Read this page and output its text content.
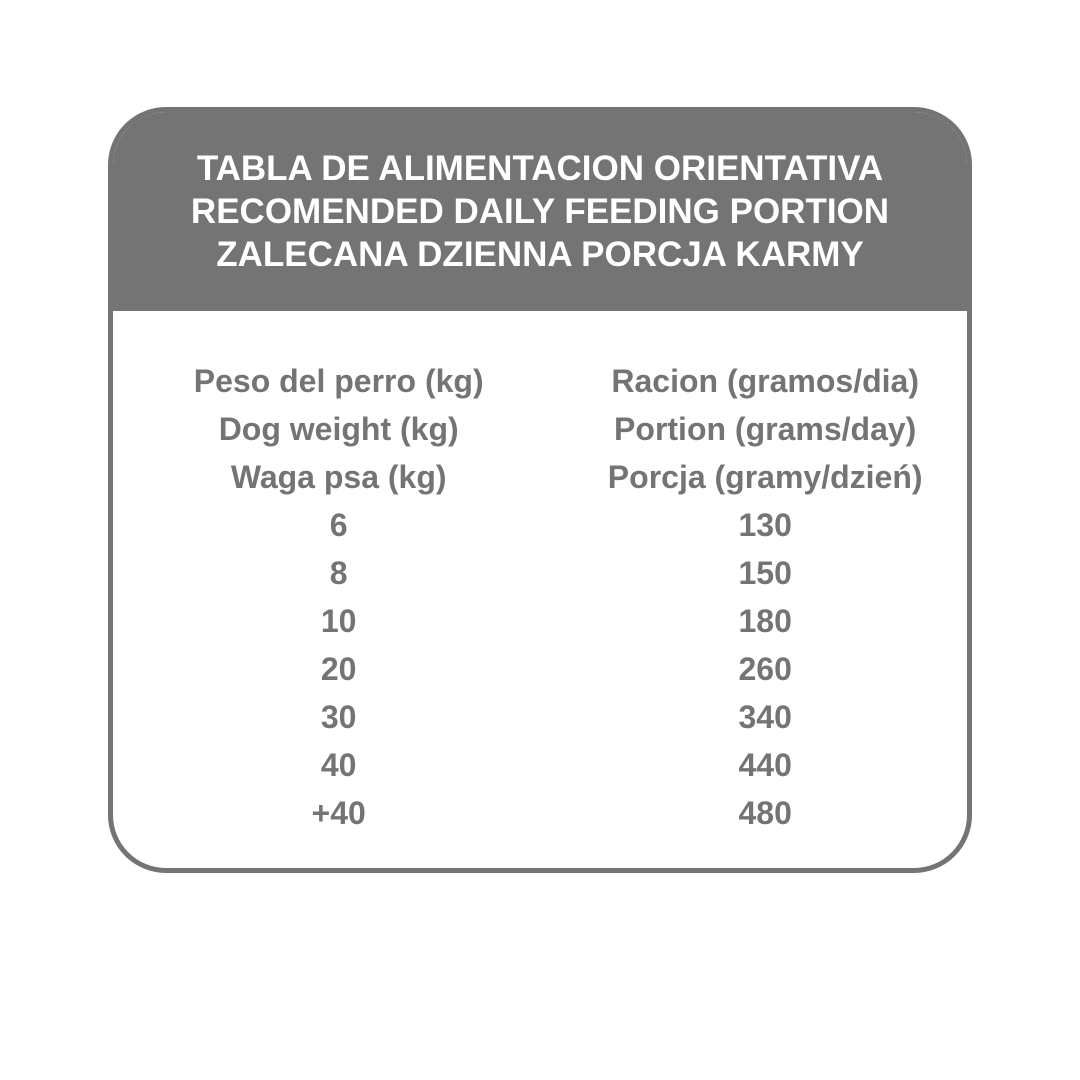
TABLA DE ALIMENTACION ORIENTATIVA
RECOMENDED DAILY FEEDING PORTION
ZALECANA DZIENNA PORCJA KARMY
Peso del perro (kg)	Racion (gramos/dia)
Dog weight (kg)	Portion (grams/day)
Waga psa (kg)	Porcja (gramy/dzień)
6	130
8	150
10	180
20	260
30	340
40	440
+40	480
